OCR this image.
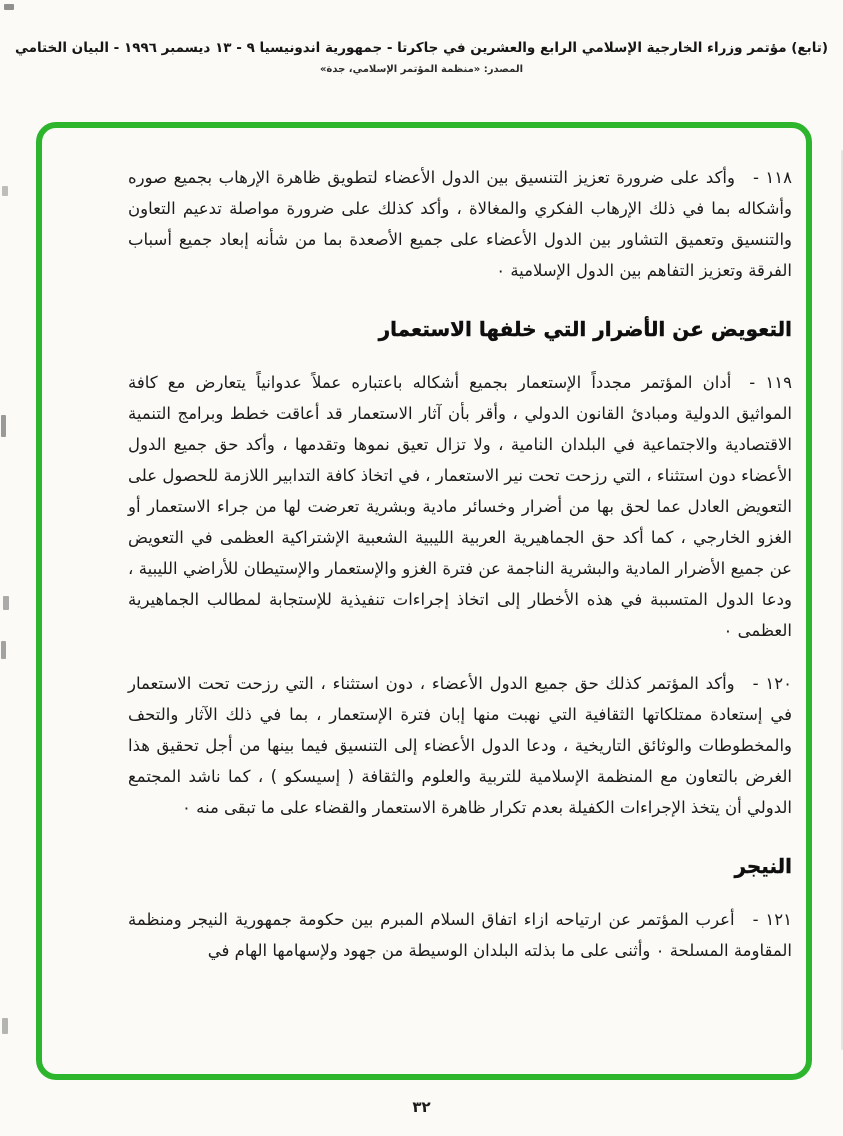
(تابع) مؤتمر وزراء الخارجية الإسلامي الرابع والعشرين في جاكرتا - جمهورية اندونيسيا ٩ - ١٣ ديسمبر ١٩٩٦ - البيان الختامي
المصدر: «منظمة المؤتمر الإسلامي، جدة»

١١٨ -وأكد على ضرورة تعزيز التنسيق بين الدول الأعضاء لتطويق ظاهرة الإرهاب بجميع صوره وأشكاله بما في ذلك الإرهاب الفكري والمغالاة ، وأكد كذلك على ضرورة مواصلة تدعيم التعاون والتنسيق وتعميق التشاور بين الدول الأعضاء على جميع الأصعدة بما من شأنه إبعاد جميع أسباب الفرقة وتعزيز التفاهم بين الدول الإسلامية ٠

التعويض عن الأضرار التي خلفها الاستعمار

١١٩ -أدان المؤتمر مجدداً الإستعمار بجميع أشكاله باعتباره عملاً عدوانياً يتعارض مع كافة المواثيق الدولية ومبادئ القانون الدولي ، وأقر بأن آثار الاستعمار قد أعاقت خطط وبرامج التنمية الاقتصادية والاجتماعية في البلدان النامية ، ولا تزال تعيق نموها وتقدمها ، وأكد حق جميع الدول الأعضاء دون استثناء ، التي رزحت تحت نير الاستعمار ، في اتخاذ كافة التدابير اللازمة للحصول على التعويض العادل عما لحق بها من أضرار وخسائر مادية وبشرية تعرضت لها من جراء الاستعمار أو الغزو الخارجي ، كما أكد حق الجماهيرية العربية الليبية الشعبية الإشتراكية العظمى في التعويض عن جميع الأضرار المادية والبشرية الناجمة عن فترة الغزو والإستعمار والإستيطان للأراضي الليبية ، ودعا الدول المتسببة في هذه الأخطار إلى اتخاذ إجراءات تنفيذية للإستجابة لمطالب الجماهيرية العظمى ٠

١٢٠ -وأكد المؤتمر كذلك حق جميع الدول الأعضاء ، دون استثناء ، التي رزحت تحت الاستعمار في إستعادة ممتلكاتها الثقافية التي نهبت منها إبان فترة الإستعمار ، بما في ذلك الآثار والتحف والمخطوطات والوثائق التاريخية ، ودعا الدول الأعضاء إلى التنسيق فيما بينها من أجل تحقيق هذا الغرض بالتعاون مع المنظمة الإسلامية للتربية والعلوم والثقافة ( إسيسكو ) ، كما ناشد المجتمع الدولي أن يتخذ الإجراءات الكفيلة بعدم تكرار ظاهرة الاستعمار والقضاء على ما تبقى منه ٠

النيجر

١٢١ -أعرب المؤتمر عن ارتياحه ازاء اتفاق السلام المبرم بين حكومة جمهورية النيجر ومنظمة المقاومة المسلحة ٠ وأثنى على ما بذلته البلدان الوسيطة من جهود ولإسهامها الهام في

٣٢
